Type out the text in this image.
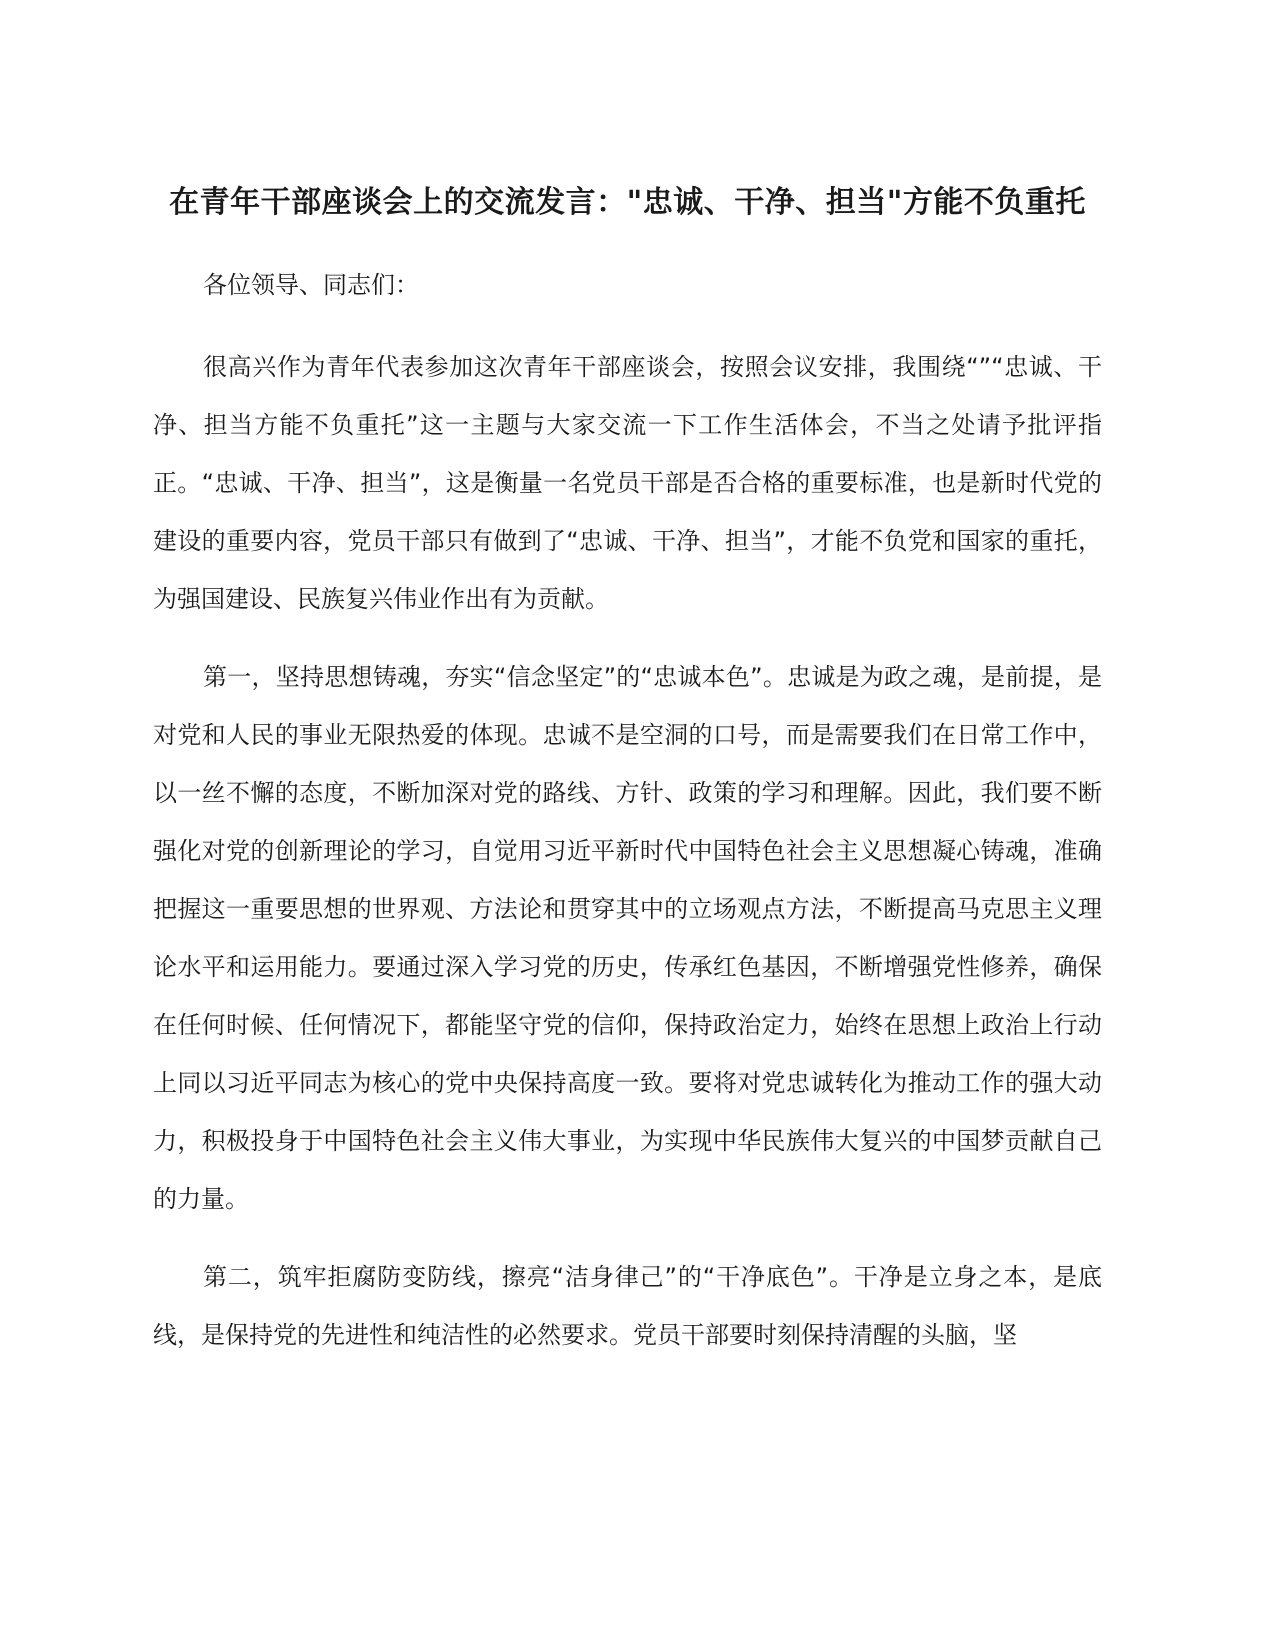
在青年干部座谈会上的交流发言："忠诚、干净、担当"方能不负重托

各位领导、同志们：

很高兴作为青年代表参加这次青年干部座谈会，按照会议安排，我围绕“”“忠诚、干净、担当方能不负重托”这一主题与大家交流一下工作生活体会，不当之处请予批评指正。“忠诚、干净、担当”，这是衡量一名党员干部是否合格的重要标准，也是新时代党的建设的重要内容，党员干部只有做到了“忠诚、干净、担当”，才能不负党和国家的重托，为强国建设、民族复兴伟业作出有为贡献。

第一，坚持思想铸魂，夯实“信念坚定”的“忠诚本色”。忠诚是为政之魂，是前提，是对党和人民的事业无限热爱的体现。忠诚不是空洞的口号，而是需要我们在日常工作中，以一丝不懈的态度，不断加深对党的路线、方针、政策的学习和理解。因此，我们要不断强化对党的创新理论的学习，自觉用习近平新时代中国特色社会主义思想凝心铸魂，准确把握这一重要思想的世界观、方法论和贯穿其中的立场观点方法，不断提高马克思主义理论水平和运用能力。要通过深入学习党的历史，传承红色基因，不断增强党性修养，确保在任何时候、任何情况下，都能坚守党的信仰，保持政治定力，始终在思想上政治上行动上同以习近平同志为核心的党中央保持高度一致。要将对党忠诚转化为推动工作的强大动力，积极投身于中国特色社会主义伟大事业，为实现中华民族伟大复兴的中国梦贡献自己的力量。

第二，筑牢拒腐防变防线，擦亮“洁身律己”的“干净底色”。干净是立身之本，是底线，是保持党的先进性和纯洁性的必然要求。党员干部要时刻保持清醒的头脑，坚
